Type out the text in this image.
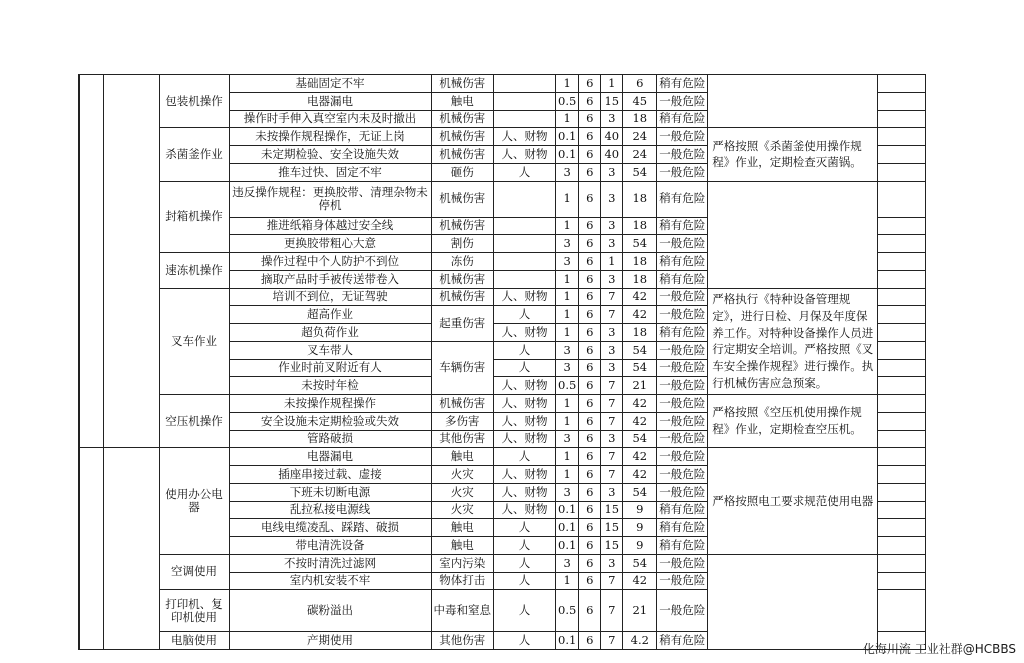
		包装机操作	基础固定不牢	机械伤害		1	6	1	6	稍有危险		
			电器漏电	触电		0.5	6	15	45	一般危险		
			操作时手伸入真空室内未及时撤出	机械伤害		1	6	3	18	稍有危险		
		杀菌釜作业	未按操作规程操作，无证上岗	机械伤害	人、财物	0.1	6	40	24	一般危险	严格按照《杀菌釜使用操作规程》作业，定期检查灭菌锅。	
			未定期检验、安全设施失效	机械伤害	人、财物	0.1	6	40	24	一般危险		
			推车过快、固定不牢	砸伤	人	3	6	3	54	一般危险		
		封箱机操作	违反操作规程：更换胶带、清理杂物未停机	机械伤害		1	6	3	18	稍有危险		
			推进纸箱身体越过安全线	机械伤害		1	6	3	18	稍有危险		
			更换胶带粗心大意	割伤		3	6	3	54	一般危险		
		速冻机操作	操作过程中个人防护不到位	冻伤		3	6	1	18	稍有危险		
			摘取产品时手被传送带卷入	机械伤害		1	6	3	18	稍有危险		
		叉车作业	培训不到位，无证驾驶	机械伤害	人、财物	1	6	7	42	一般危险	严格执行《特种设备管理规定》，进行日检、月保及年度保养工作。对特种设备操作人员进行定期安全培训。严格按照《叉车安全操作规程》进行操作。执行机械伤害应急预案。	
			超高作业	起重伤害	人	1	6	7	42	一般危险		
			超负荷作业		人、财物	1	6	3	18	稍有危险		
			叉车带人	车辆伤害	人	3	6	3	54	一般危险		
			作业时前叉附近有人		人	3	6	3	54	一般危险		
			未按时年检		人、财物	0.5	6	7	21	一般危险		
		空压机操作	未按操作规程操作	机械伤害	人、财物	1	6	7	42	一般危险	严格按照《空压机使用操作规程》作业，定期检查空压机。	
			安全设施未定期检验或失效	多伤害	人、财物	1	6	7	42	一般危险		
			管路破损	其他伤害	人、财物	3	6	3	54	一般危险		
		使用办公电器	电器漏电	触电	人	1	6	7	42	一般危险	严格按照电工要求规范使用电器	
			插座串接过载、虚接	火灾	人、财物	1	6	7	42	一般危险		
			下班未切断电源	火灾	人、财物	3	6	3	54	一般危险		
			乱拉私接电源线	火灾	人、财物	0.1	6	15	9	稍有危险		
			电线电缆凌乱、踩踏、破损	触电	人	0.1	6	15	9	稍有危险		
			带电清洗设备	触电	人	0.1	6	15	9	稍有危险		
		空调使用	不按时清洗过滤网	室内污染	人	3	6	3	54	一般危险		
			室内机安装不牢	物体打击	人	1	6	7	42	一般危险		
		打印机、复印机使用	碳粉溢出	中毒和窒息	人	0.5	6	7	21	一般危险		
		电脑使用	产期使用	其他伤害	人	0.1	6	7	4.2	稍有危险		
化海川流 工业社群@HCBBS
